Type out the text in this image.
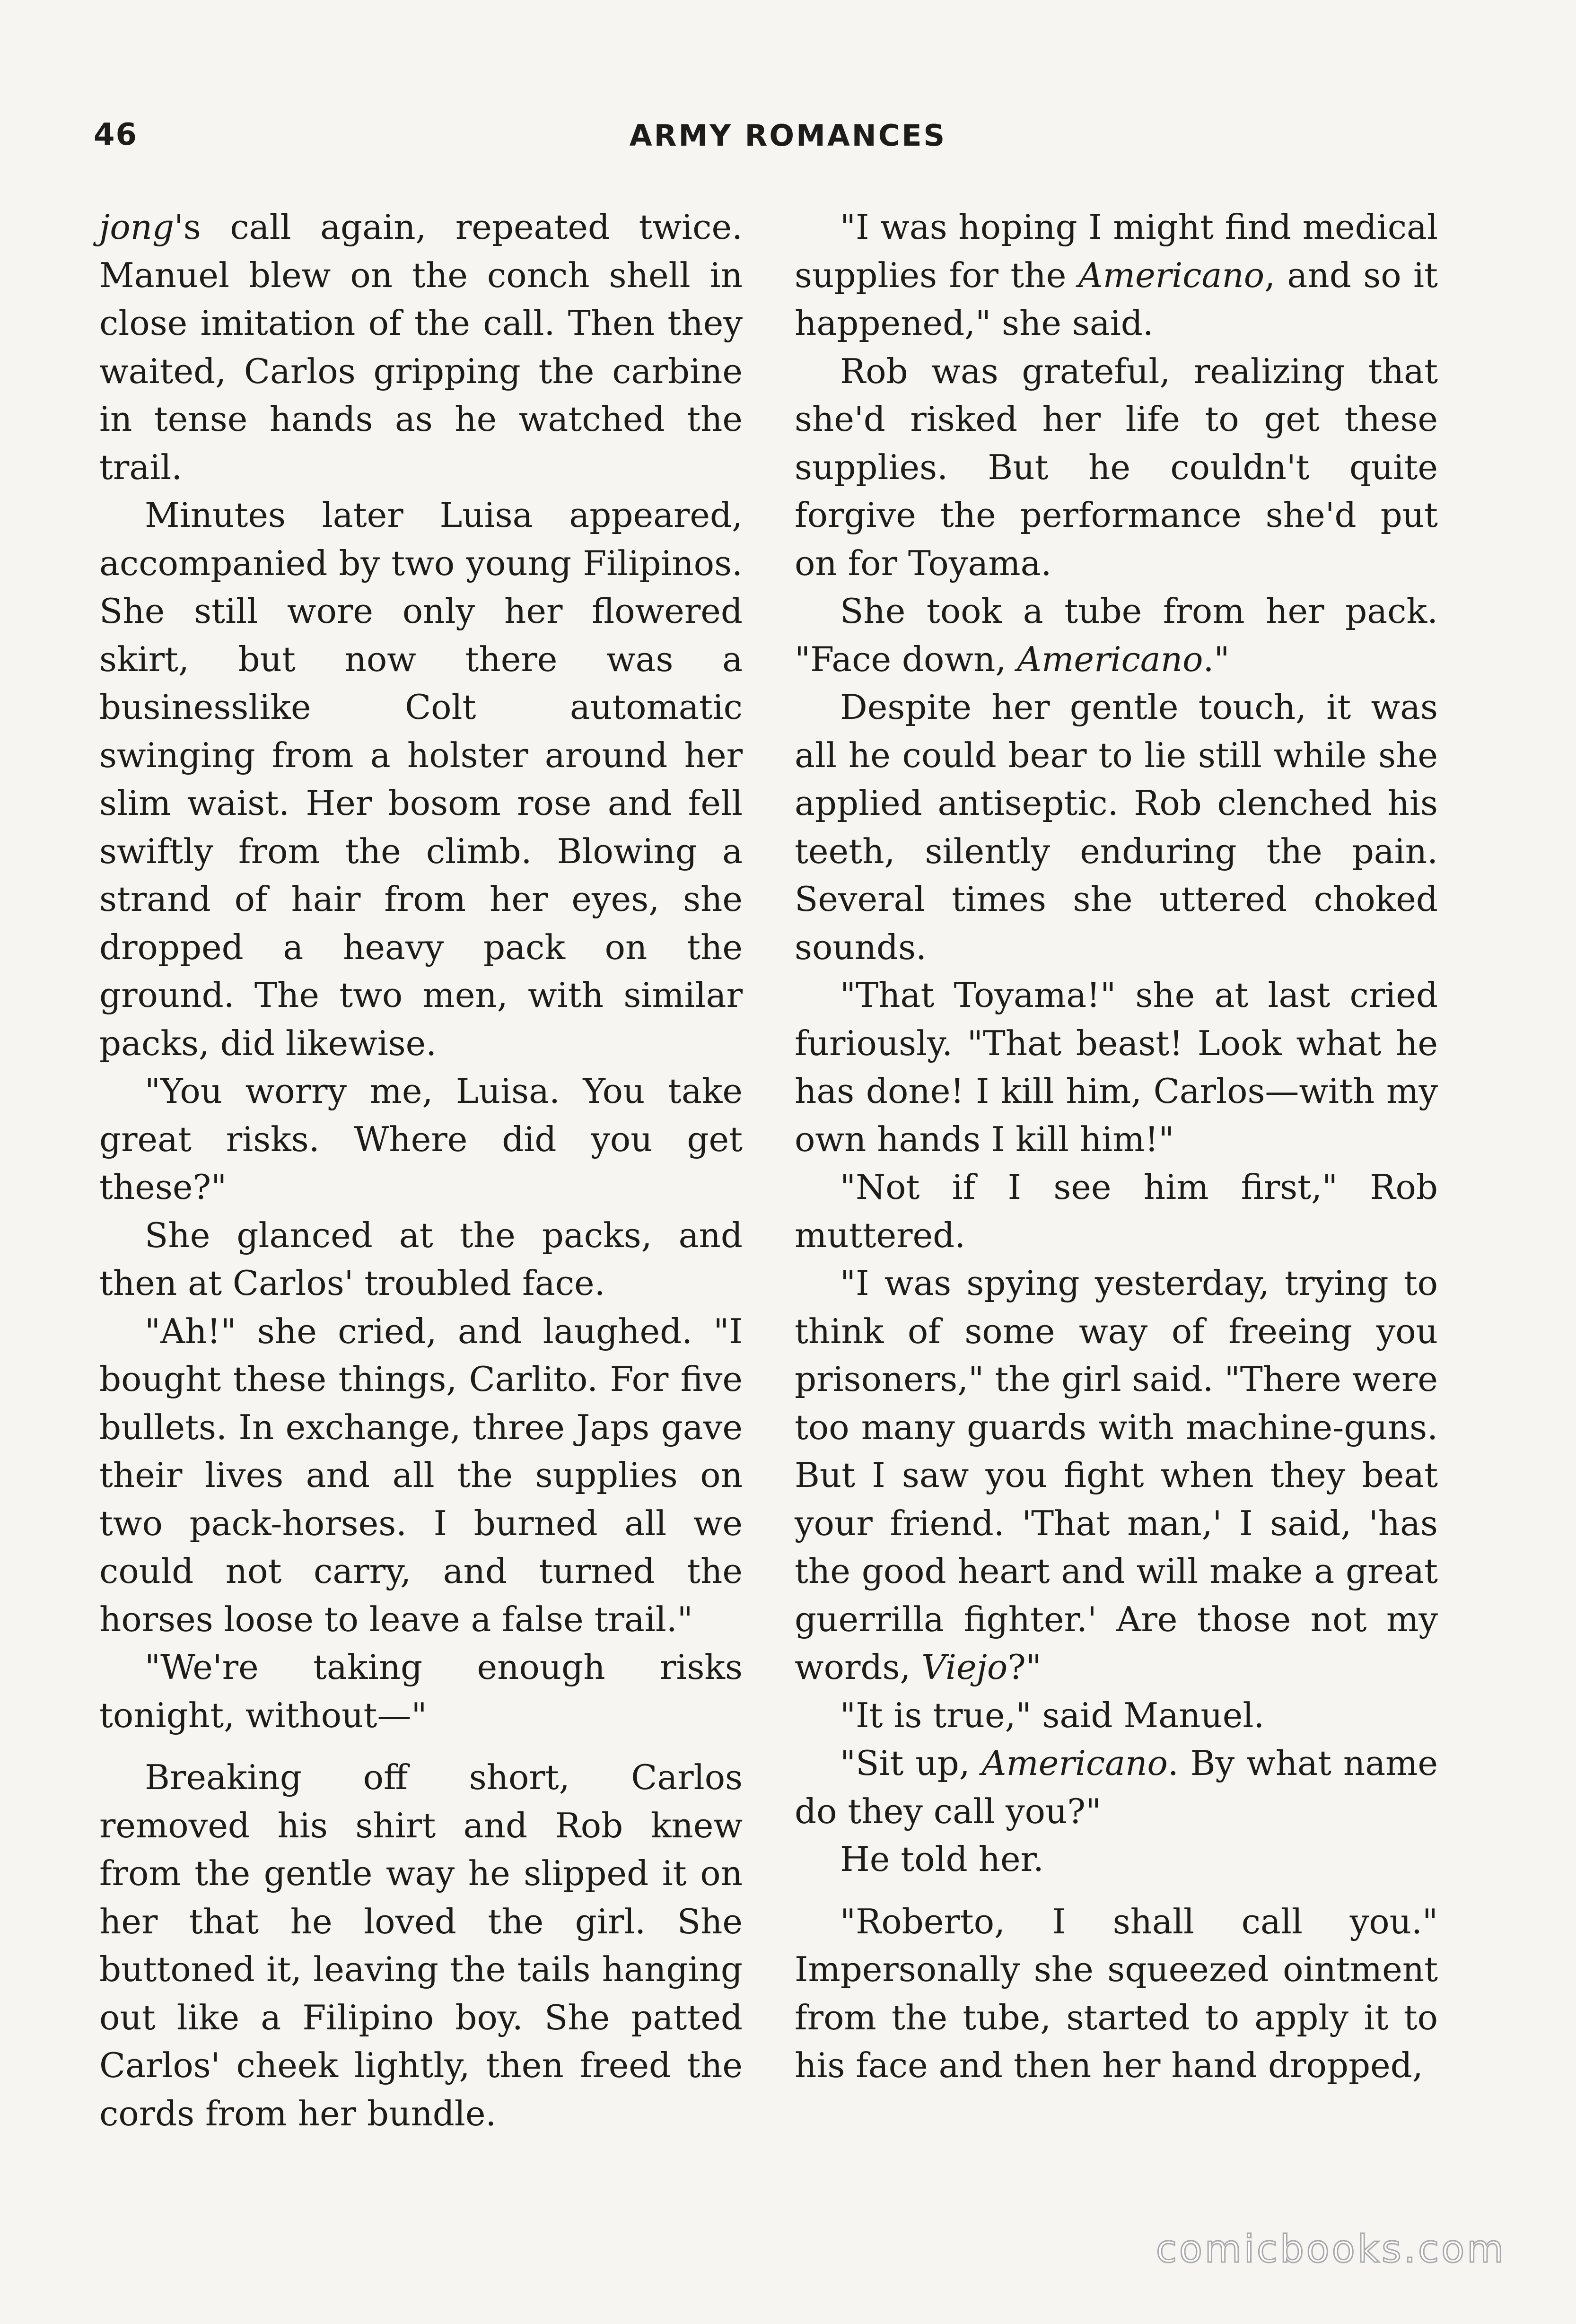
46	ARMY ROMANCES

jong's call again, repeated twice. Manuel blew on the conch shell in close imitation of the call. Then they waited, Carlos gripping the carbine in tense hands as he watched the trail.

Minutes later Luisa appeared, accompanied by two young Filipinos. She still wore only her flowered skirt, but now there was a businesslike Colt automatic swinging from a holster around her slim waist. Her bosom rose and fell swiftly from the climb. Blowing a strand of hair from her eyes, she dropped a heavy pack on the ground. The two men, with similar packs, did likewise.

"You worry me, Luisa. You take great risks. Where did you get these?"

She glanced at the packs, and then at Carlos' troubled face.

"Ah!" she cried, and laughed. "I bought these things, Carlito. For five bullets. In exchange, three Japs gave their lives and all the supplies on two pack-horses. I burned all we could not carry, and turned the horses loose to leave a false trail."

"We're taking enough risks tonight, without—"

Breaking off short, Carlos removed his shirt and Rob knew from the gentle way he slipped it on her that he loved the girl. She buttoned it, leaving the tails hanging out like a Filipino boy. She patted Carlos' cheek lightly, then freed the cords from her bundle.

"I was hoping I might find medical supplies for the Americano, and so it happened," she said.

Rob was grateful, realizing that she'd risked her life to get these supplies. But he couldn't quite forgive the performance she'd put on for Toyama.

She took a tube from her pack. "Face down, Americano."

Despite her gentle touch, it was all he could bear to lie still while she applied antiseptic. Rob clenched his teeth, silently enduring the pain. Several times she uttered choked sounds.

"That Toyama!" she at last cried furiously. "That beast! Look what he has done! I kill him, Carlos—with my own hands I kill him!"

"Not if I see him first," Rob muttered.

"I was spying yesterday, trying to think of some way of freeing you prisoners," the girl said. "There were too many guards with machine-guns. But I saw you fight when they beat your friend. 'That man,' I said, 'has the good heart and will make a great guerrilla fighter.' Are those not my words, Viejo?"

"It is true," said Manuel.

"Sit up, Americano. By what name do they call you?"

He told her.

"Roberto, I shall call you." Impersonally she squeezed ointment from the tube, started to apply it to his face and then her hand dropped,

comicbooks.com
